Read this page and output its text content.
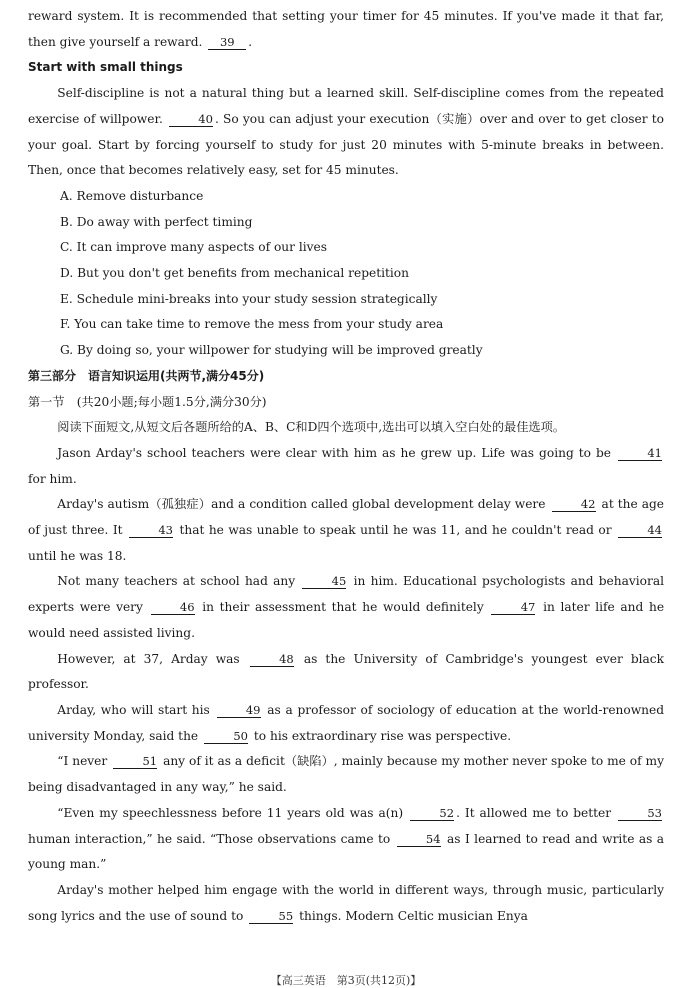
reward system. It is recommended that setting your timer for 45 minutes. If you've made it that far, then give yourself a reward. 39 .

Start with small things

Self-discipline is not a natural thing but a learned skill. Self-discipline comes from the repeated exercise of willpower.	40 . So you can adjust your execution（实施）over and over to get closer to your goal. Start by forcing yourself to study for just 20 minutes with 5-minute breaks in between. Then, once that becomes relatively easy, set for 45 minutes.

A. Remove disturbance

B. Do away with perfect timing

C. It can improve many aspects of our lives

D. But you don't get benefits from mechanical repetition

E. Schedule mini-breaks into your study session strategically

F. You can take time to remove the mess from your study area

G. By doing so, your willpower for studying will be improved greatly

第三部分　语言知识运用(共两节,满分45分)

第一节　(共20小题;每小题1.5分,满分30分)

阅读下面短文,从短文后各题所给的A、B、C和D四个选项中,选出可以填入空白处的最佳选项。

Jason Arday's school teachers were clear with him as he grew up. Life was going to be	41 for him.

Arday's autism（孤独症）and a condition called global development delay were	42 at the age of just three. It	43 that he was unable to speak until he was 11, and he couldn't read or	44 until he was 18.

Not many teachers at school had any	45 in him. Educational psychologists and behavioral experts were very	46 in their assessment that he would definitely	47 in later life and he would need assisted living.

However, at 37, Arday was	48 as the University of Cambridge's youngest ever black professor.

Arday, who will start his	49 as a professor of sociology of education at the world-renowned university Monday, said the	50 to his extraordinary rise was perspective.

“I never	51 any of it as a deficit（缺陷）, mainly because my mother never spoke to me of my being disadvantaged in any way,” he said.

“Even my speechlessness before 11 years old was a(n)	52 . It allowed me to better	53 human interaction,” he said. “Those observations came to	54 as I learned to read and write as a young man.”

Arday's mother helped him engage with the world in different ways, through music, particularly song lyrics and the use of sound to	55 things. Modern Celtic musician Enya

【高三英语　第3页(共12页)】
